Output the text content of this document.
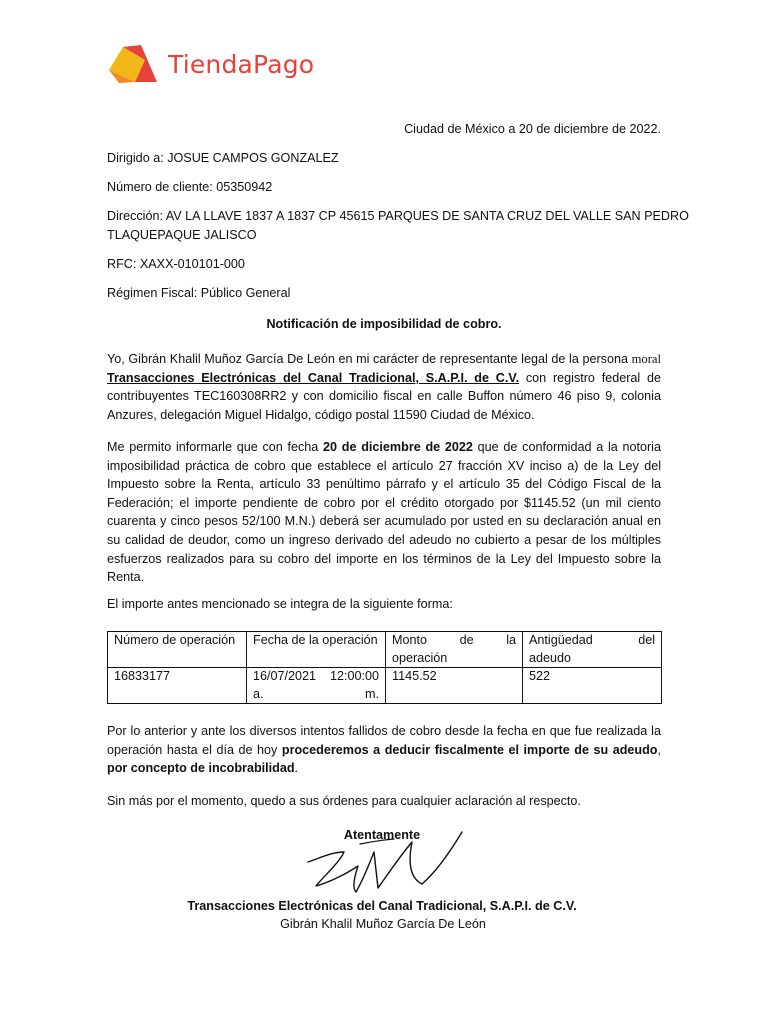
TiendaPago
Ciudad de México a 20 de diciembre de 2022.
Dirigido a: JOSUE CAMPOS GONZALEZ
Número de cliente: 05350942
Dirección: AV LA LLAVE 1837 A 1837 CP 45615 PARQUES DE SANTA CRUZ DEL VALLE SAN PEDRO
TLAQUEPAQUE JALISCO
RFC: XAXX-010101-000
Régimen Fiscal: Público General
Notificación de imposibilidad de cobro.
Yo, Gibrán Khalil Muñoz García De León en mi carácter de representante legal de la persona moral Transacciones Electrónicas del Canal Tradicional, S.A.P.I. de C.V. con registro federal de contribuyentes TEC160308RR2 y con domicilio fiscal en calle Buffon número 46 piso 9, colonia Anzures, delegación Miguel Hidalgo, código postal 11590 Ciudad de México.
Me permito informarle que con fecha 20 de diciembre de 2022 que de conformidad a la notoria imposibilidad práctica de cobro que establece el artículo 27 fracción XV inciso a) de la Ley del Impuesto sobre la Renta, artículo 33 penúltimo párrafo y el artículo 35 del Código Fiscal de la Federación; el importe pendiente de cobro por el crédito otorgado por $1145.52 (un mil ciento cuarenta y cinco pesos 52/100 M.N.) deberá ser acumulado por usted en su declaración anual en su calidad de deudor, como un ingreso derivado del adeudo no cubierto a pesar de los múltiples esfuerzos realizados para su cobro del importe en los términos de la Ley del Impuesto sobre la Renta.
El importe antes mencionado se integra de la siguiente forma:
Número de operación	Fecha de la operación	Monto de la operación	Antigüedad del adeudo
16833177	16/07/2021 12:00:00 a. m.	1145.52	522
Por lo anterior y ante los diversos intentos fallidos de cobro desde la fecha en que fue realizada la operación hasta el día de hoy procederemos a deducir fiscalmente el importe de su adeudo, por concepto de incobrabilidad.
Sin más por el momento, quedo a sus órdenes para cualquier aclaración al respecto.
Atentamente
Transacciones Electrónicas del Canal Tradicional, S.A.P.I. de C.V.
Gibrán Khalil Muñoz García De León
